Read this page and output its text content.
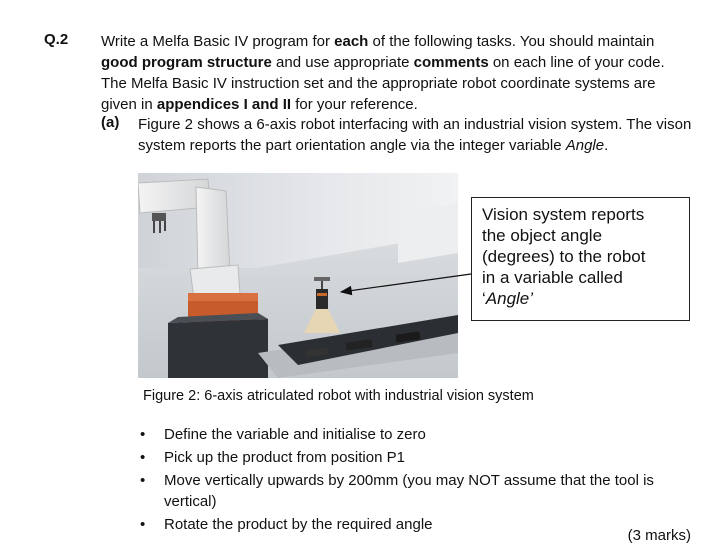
Q.2 Write a Melfa Basic IV program for each of the following tasks. You should maintain good program structure and use appropriate comments on each line of your code. The Melfa Basic IV instruction set and the appropriate robot coordinate systems are given in appendices I and II for your reference.
(a) Figure 2 shows a 6-axis robot interfacing with an industrial vision system. The vison system reports the part orientation angle via the integer variable Angle.
Vision system reports
the object angle
(degrees) to the robot
in a variable called
‘Angle’
Figure 2: 6-axis atriculated robot with industrial vision system
• Define the variable and initialise to zero
• Pick up the product from position P1
• Move vertically upwards by 200mm (you may NOT assume that the tool is vertical)
• Rotate the product by the required angle
(3 marks)
